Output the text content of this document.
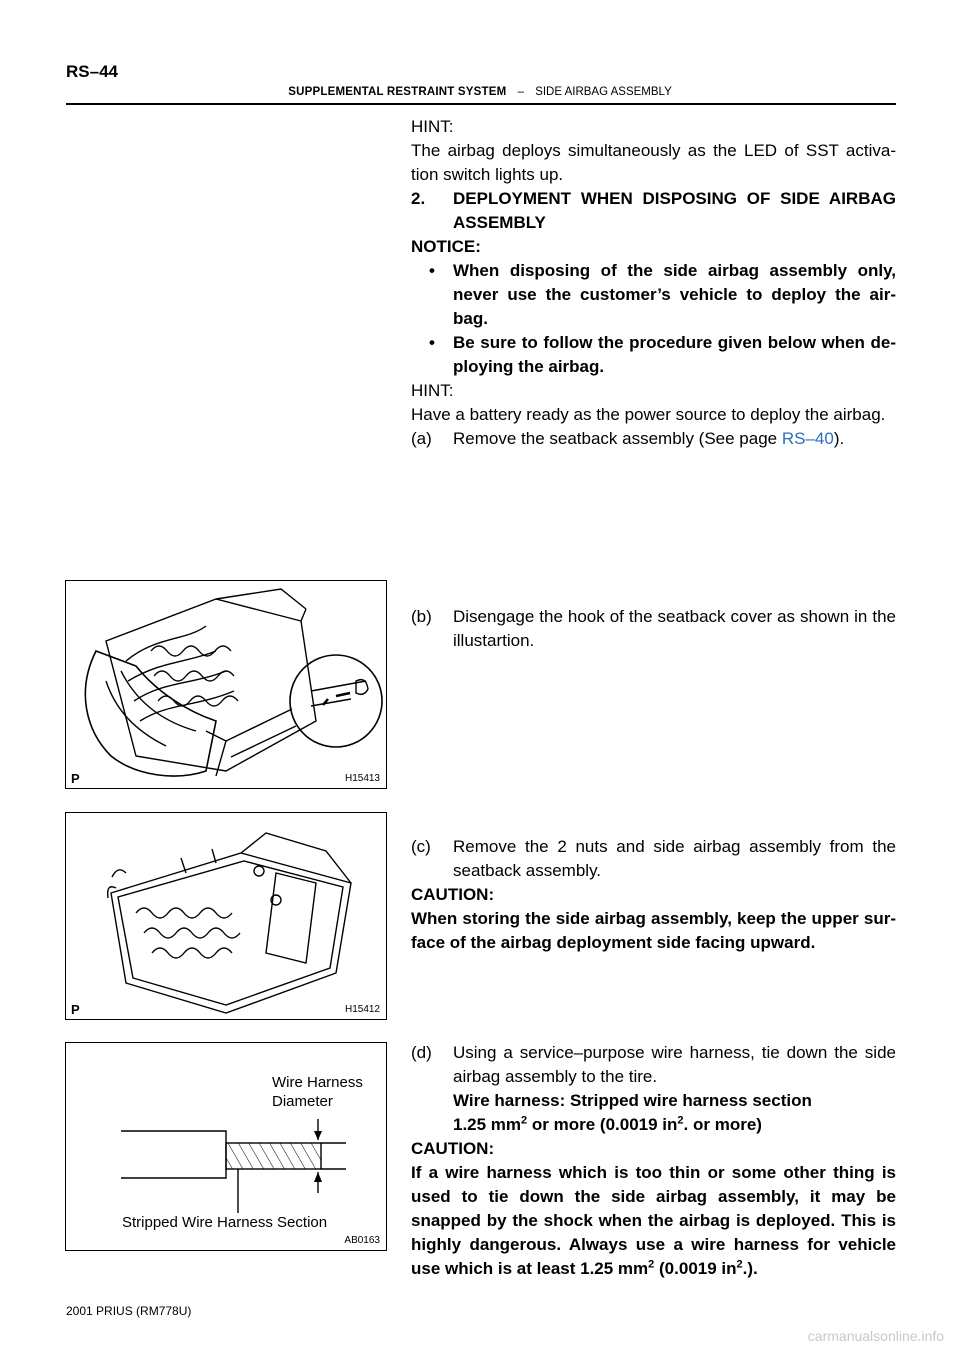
RS–44
SUPPLEMENTAL RESTRAINT SYSTEM – SIDE AIRBAG ASSEMBLY

HINT:

The airbag deploys simultaneously as the LED of SST activa- tion switch lights up.

2.	DEPLOYMENT WHEN DISPOSING OF SIDE AIRBAG ASSEMBLY

NOTICE:

•	When disposing of the side airbag assembly only, never use the customer’s vehicle to deploy the air- bag.
•	Be sure to follow the procedure given below when de- ploying the airbag.

HINT:

Have a battery ready as the power source to deploy the airbag.

(a)	Remove the seatback assembly (See page RS–40).
P	H15413
(b)	Disengage the hook of the seatback cover as shown in the illustartion.
P	H15412
(c)	Remove the 2 nuts and side airbag assembly from the seatback assembly.

CAUTION:

When storing the side airbag assembly, keep the upper sur- face of the airbag deployment side facing upward.

Wire Harness
Diameter
Stripped Wire Harness Section
AB0163
(d)	Using a service–purpose wire harness, tie down the side airbag assembly to the tire.
Wire harness: Stripped wire harness section
1.25 $mm^2$ or more (0.0019 $in^2$. or more)

CAUTION:

If a wire harness which is too thin or some other thing is used to tie down the side airbag assembly, it may be snapped by the shock when the airbag is deployed. This is highly dangerous. Always use a wire harness for vehicle use which is at least 1.25 $mm^2$ (0.0019 $in^2$.).

2001 PRIUS (RM778U)
carmanualsonline.info
